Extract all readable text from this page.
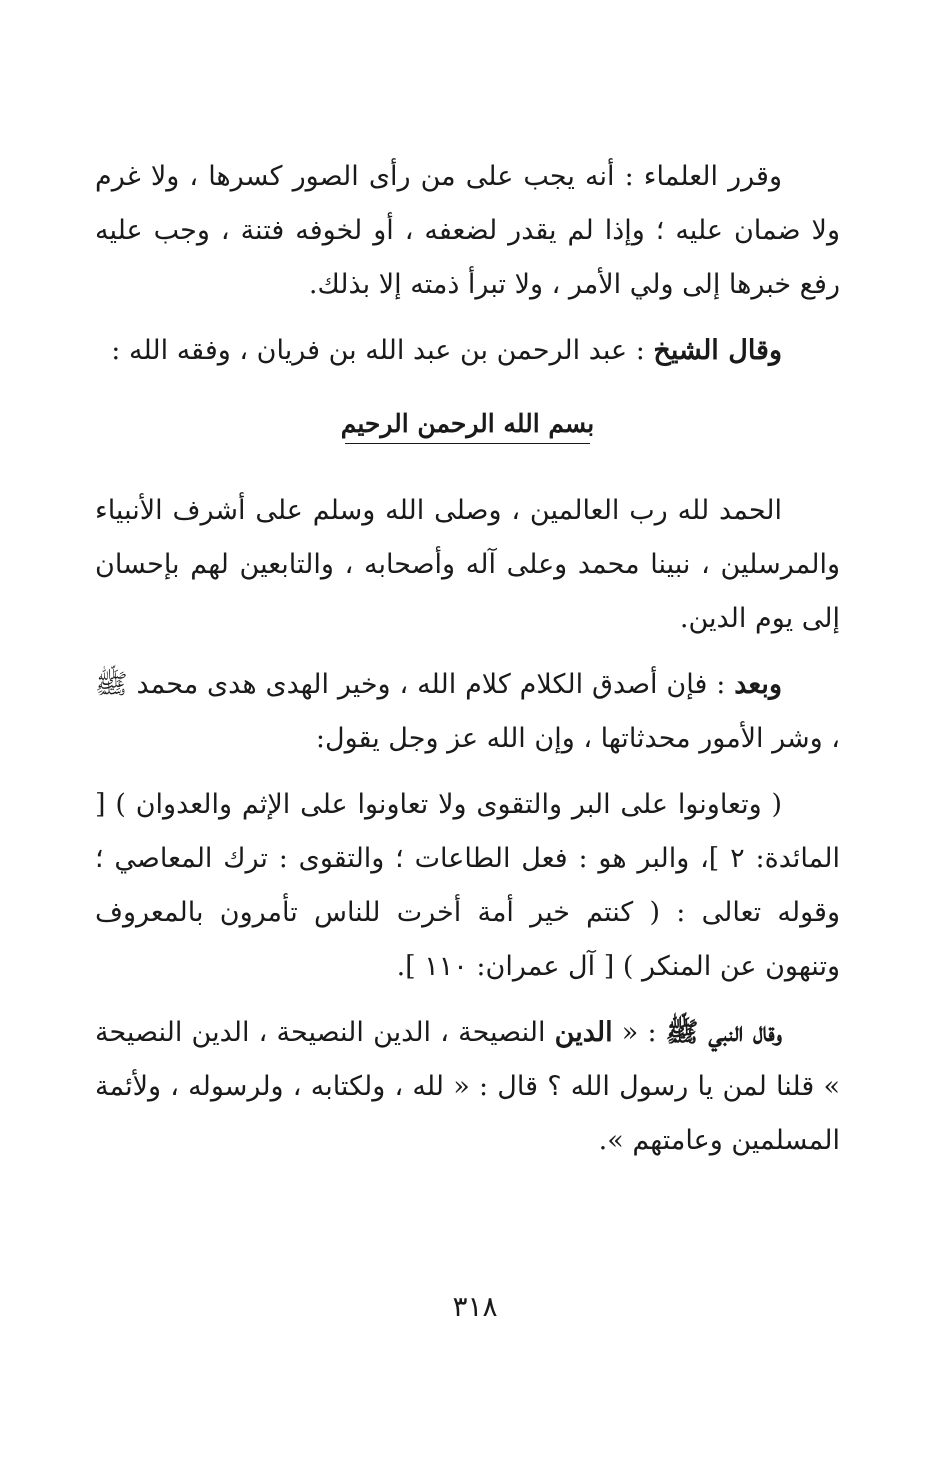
وقرر العلماء : أنه يجب على من رأى الصور كسرها ، ولا غرم ولا ضمان عليه ؛ وإذا لم يقدر لضعفه ، أو لخوفه فتنة ، وجب عليه رفع خبرها إلى ولي الأمر ، ولا تبرأ ذمته إلا بذلك.

وقال الشيخ : عبد الرحمن بن عبد الله بن فريان ، وفقه الله :

بسم الله الرحمن الرحيم

الحمد لله رب العالمين ، وصلى الله وسلم على أشرف الأنبياء والمرسلين ، نبينا محمد وعلى آله وأصحابه ، والتابعين لهم بإحسان إلى يوم الدين.

وبعد : فإن أصدق الكلام كلام الله ، وخير الهدى هدى محمد ﷺ ، وشر الأمور محدثاتها ، وإن الله عز وجل يقول:

( وتعاونوا على البر والتقوى ولا تعاونوا على الإثم والعدوان ) [ المائدة: ٢ ]، والبر هو : فعل الطاعات ؛ والتقوى : ترك المعاصي ؛ وقوله تعالى : ( كنتم خير أمة أخرت للناس تأمرون بالمعروف وتنهون عن المنكر ) [ آل عمران: ١١٠ ].

وقال النبي ﷺ : « الدين النصيحة ، الدين النصيحة ، الدين النصيحة » قلنا لمن يا رسول الله ؟ قال : « لله ، ولكتابه ، ولرسوله ، ولأئمة المسلمين وعامتهم ».

٣١٨
